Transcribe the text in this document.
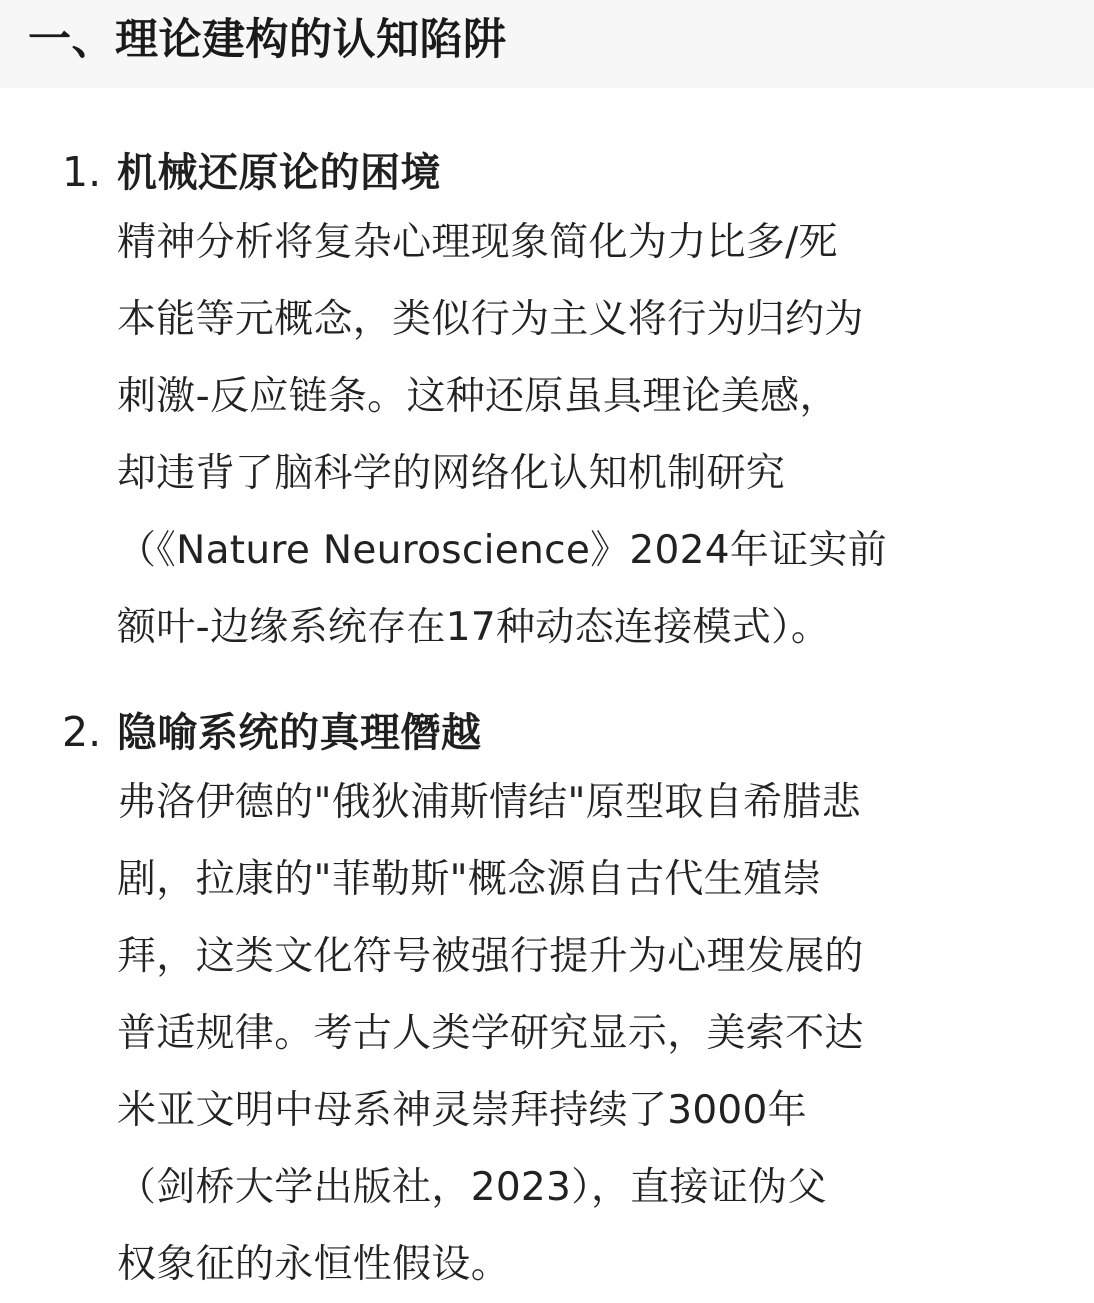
一、理论建构的认知陷阱
1. 机械还原论的困境
精神分析将复杂心理现象简化为力比多/死
本能等元概念，类似行为主义将行为归约为
刺激-反应链条。这种还原虽具理论美感，
却违背了脑科学的网络化认知机制研究
（《Nature Neuroscience》2024年证实前
额叶-边缘系统存在17种动态连接模式）。
2. 隐喻系统的真理僭越
弗洛伊德的"俄狄浦斯情结"原型取自希腊悲
剧，拉康的"菲勒斯"概念源自古代生殖崇
拜，这类文化符号被强行提升为心理发展的
普适规律。考古人类学研究显示，美索不达
米亚文明中母系神灵崇拜持续了3000年
（剑桥大学出版社，2023），直接证伪父
权象征的永恒性假设。
